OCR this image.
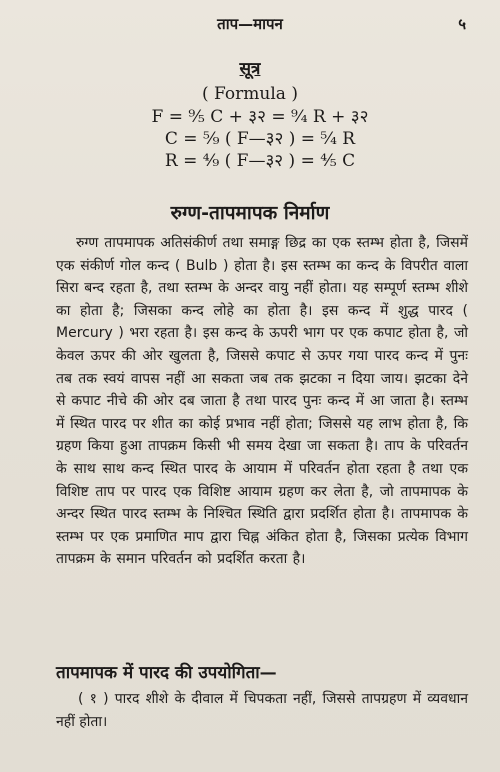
ताप—मापन	५

सूत्र

( Formula )

F = ⁹⁄₅ C + ३२ = ⁹⁄₄ R + ३२
C = ⁵⁄₉ ( F—३२ ) = ⁵⁄₄ R
R = ⁴⁄₉ ( F—३२ ) = ⁴⁄₅ C
रुग्ण-तापमापक निर्माण

रुग्ण तापमापक अतिसंकीर्ण तथा समाङ्ग छिद्र का एक स्तम्भ होता है, जिसमें एक संकीर्ण गोल कन्द ( Bulb ) होता है। इस स्तम्भ का कन्द के विपरीत वाला सिरा बन्द रहता है, तथा स्तम्भ के अन्दर वायु नहीं होता। यह सम्पूर्ण स्तम्भ शीशे का होता है; जिसका कन्द लोहे का होता है। इस कन्द में शुद्ध पारद ( Mercury ) भरा रहता है। इस कन्द के ऊपरी भाग पर एक कपाट होता है, जो केवल ऊपर की ओर खुलता है, जिससे कपाट से ऊपर गया पारद कन्द में पुनः तब तक स्वयं वापस नहीं आ सकता जब तक झटका न दिया जाय। झटका देने से कपाट नीचे की ओर दब जाता है तथा पारद पुनः कन्द में आ जाता है। स्तम्भ में स्थित पारद पर शीत का कोई प्रभाव नहीं होता; जिससे यह लाभ होता है, कि ग्रहण किया हुआ तापक्रम किसी भी समय देखा जा सकता है। ताप के परिवर्तन के साथ साथ कन्द स्थित पारद के आयाम में परिवर्तन होता रहता है तथा एक विशिष्ट ताप पर पारद एक विशिष्ट आयाम ग्रहण कर लेता है, जो तापमापक के अन्दर स्थित पारद स्तम्भ के निश्चित स्थिति द्वारा प्रदर्शित होता है। तापमापक के स्तम्भ पर एक प्रमाणित माप द्वारा चिह्न अंकित होता है, जिसका प्रत्येक विभाग तापक्रम के समान परिवर्तन को प्रदर्शित करता है।

तापमापक में पारद की उपयोगिता—

( १ ) पारद शीशे के दीवाल में चिपकता नहीं, जिससे तापग्रहण में व्यवधान नहीं होता।
